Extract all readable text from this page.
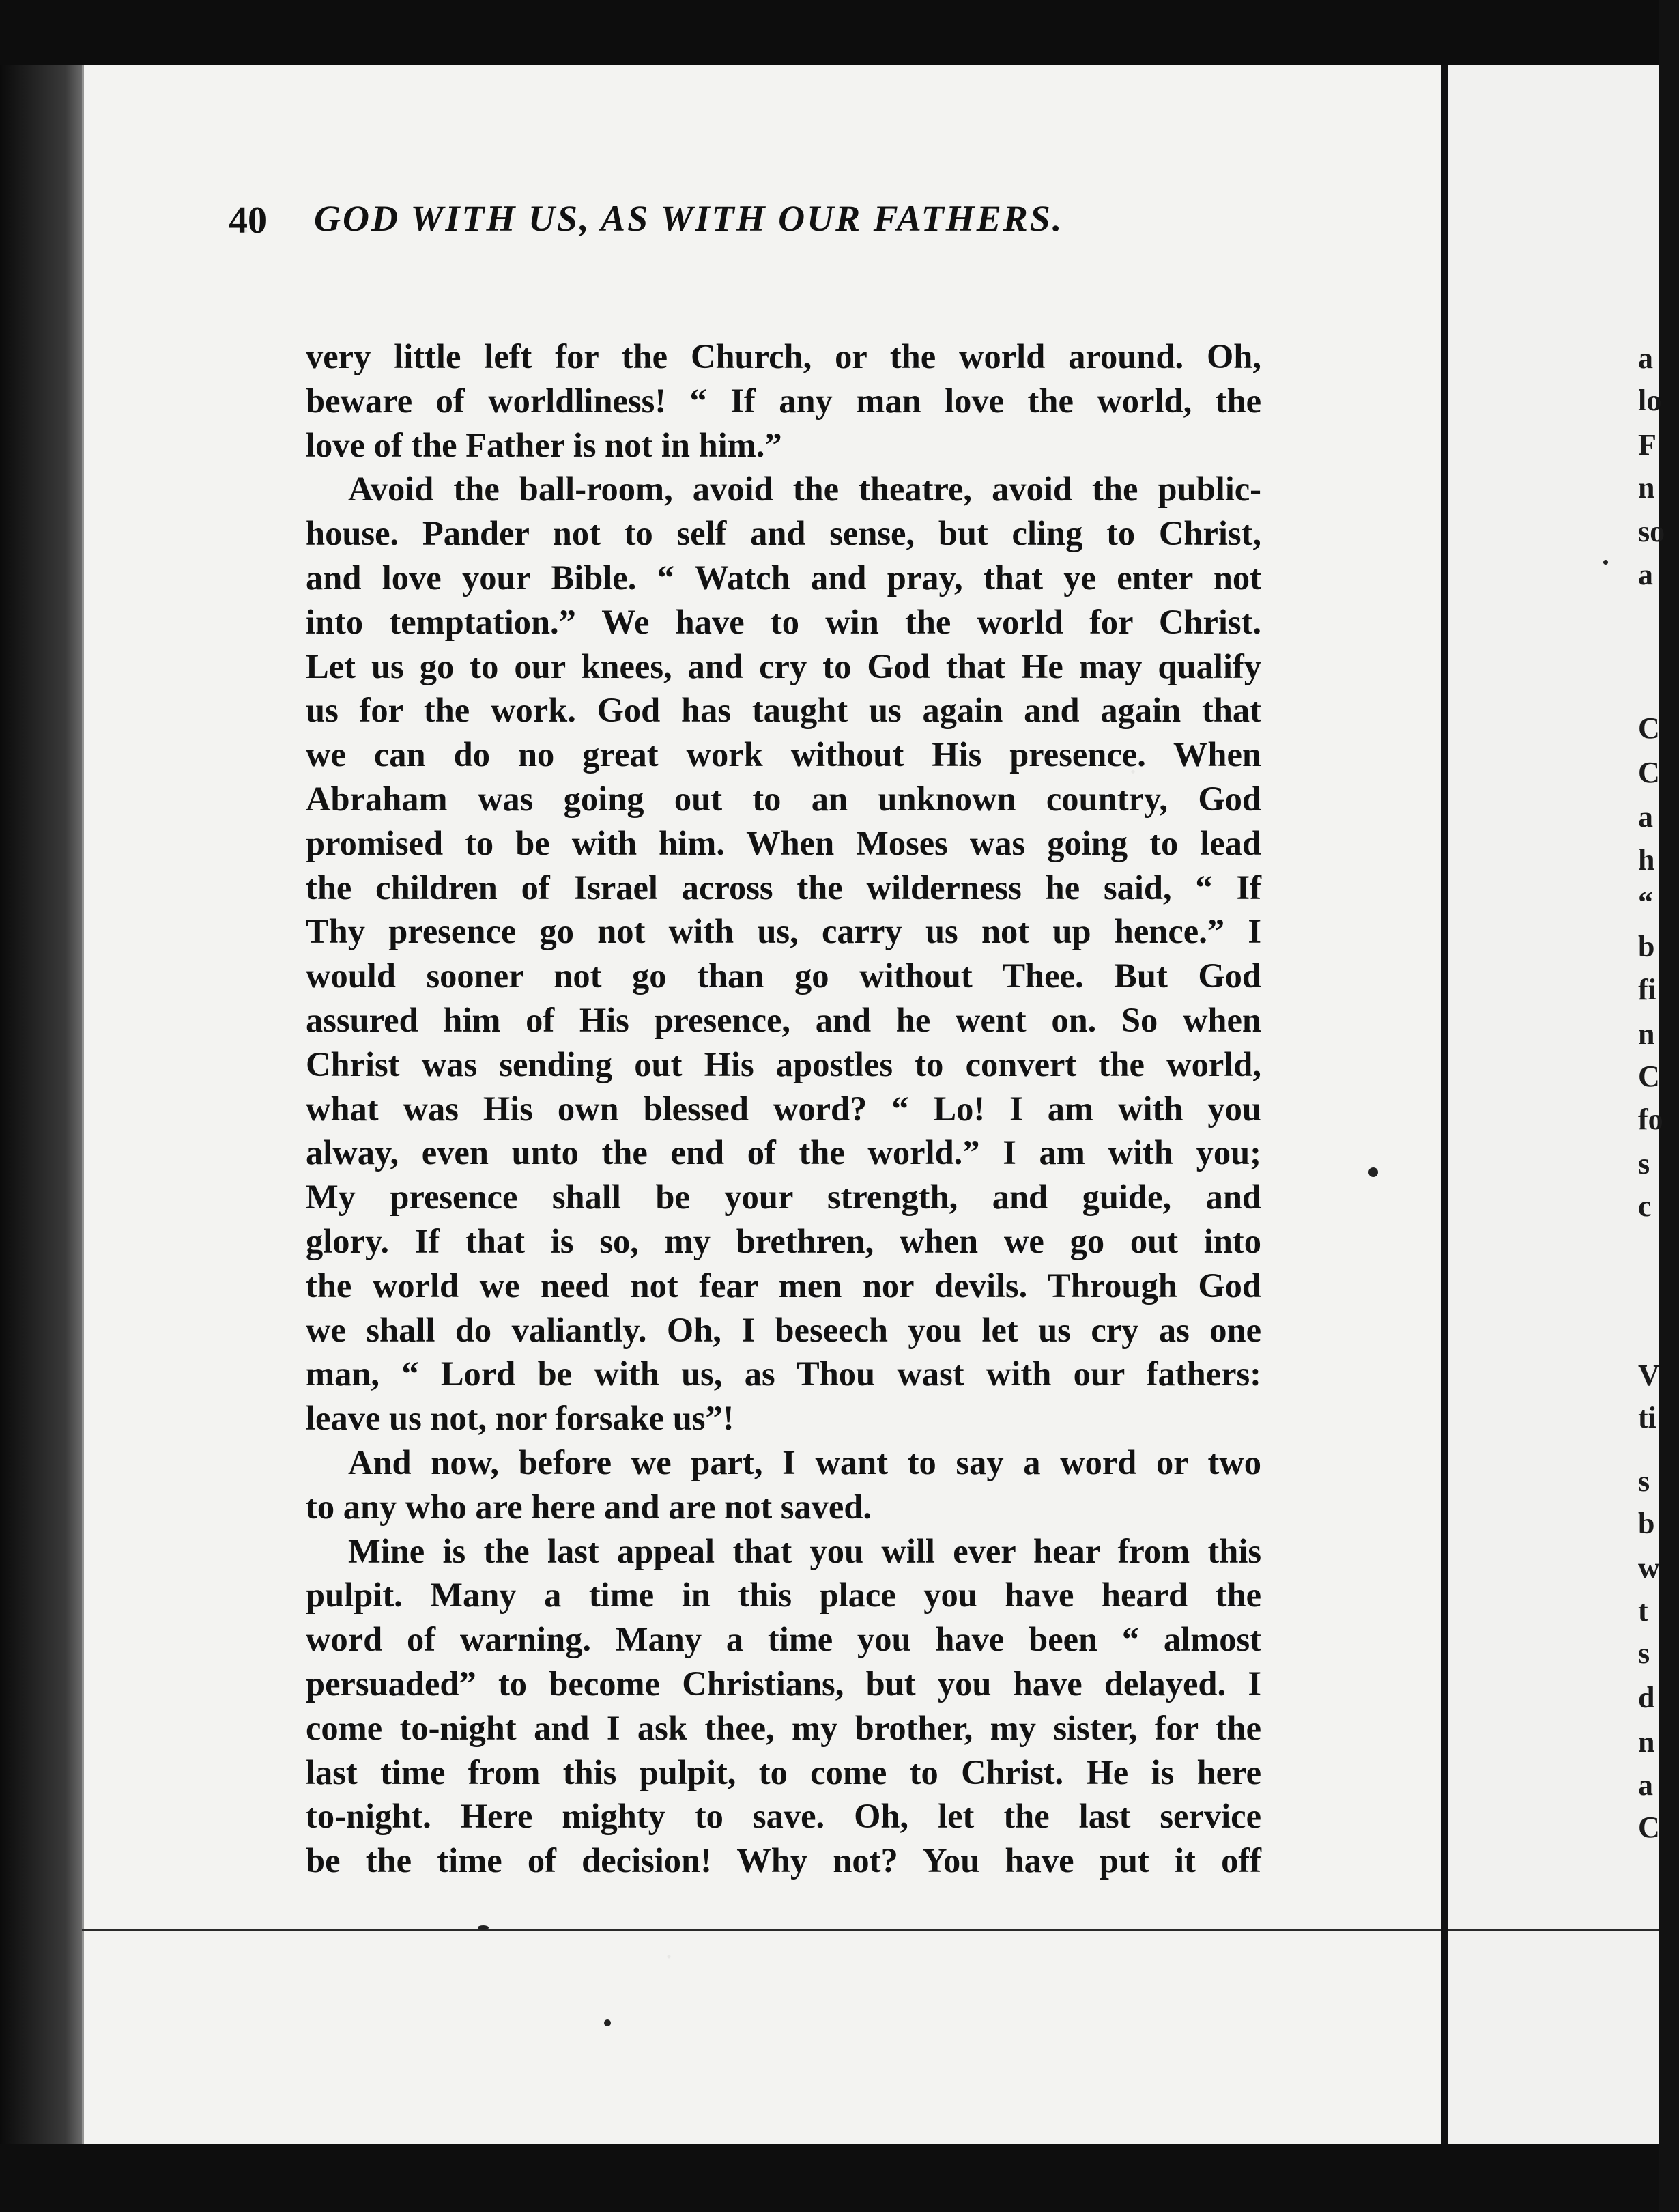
40 GOD WITH US, AS WITH OUR FATHERS.
very little left for the Church, or the world around. Oh,
beware of worldliness! “ If any man love the world, the
love of the Father is not in him.”
Avoid the ball-room, avoid the theatre, avoid the public-
house. Pander not to self and sense, but cling to Christ,
and love your Bible. “ Watch and pray, that ye enter not
into temptation.” We have to win the world for Christ.
Let us go to our knees, and cry to God that He may qualify
us for the work. God has taught us again and again that
we can do no great work without His presence. When
Abraham was going out to an unknown country, God
promised to be with him. When Moses was going to lead
the children of Israel across the wilderness he said, “ If
Thy presence go not with us, carry us not up hence.” I
would sooner not go than go without Thee. But God
assured him of His presence, and he went on. So when
Christ was sending out His apostles to convert the world,
what was His own blessed word? “ Lo! I am with you
alway, even unto the end of the world.” I am with you;
My presence shall be your strength, and guide, and
glory. If that is so, my brethren, when we go out into
the world we need not fear men nor devils. Through God
we shall do valiantly. Oh, I beseech you let us cry as one
man, “ Lord be with us, as Thou wast with our fathers:
leave us not, nor forsake us”!
And now, before we part, I want to say a word or two
to any who are here and are not saved.
Mine is the last appeal that you will ever hear from this
pulpit. Many a time in this place you have heard the
word of warning. Many a time you have been “ almost
persuaded” to become Christians, but you have delayed. I
come to-night and I ask thee, my brother, my sister, for the
last time from this pulpit, to come to Christ. He is here
to-night. Here mighty to save. Oh, let the last service
be the time of decision! Why not? You have put it off
a
lo
F
n
so
a
C
C
a
h
“
b
fi
n
C
fo
s
c
V
ti
s
b
w
t
s
d
n
a
C
